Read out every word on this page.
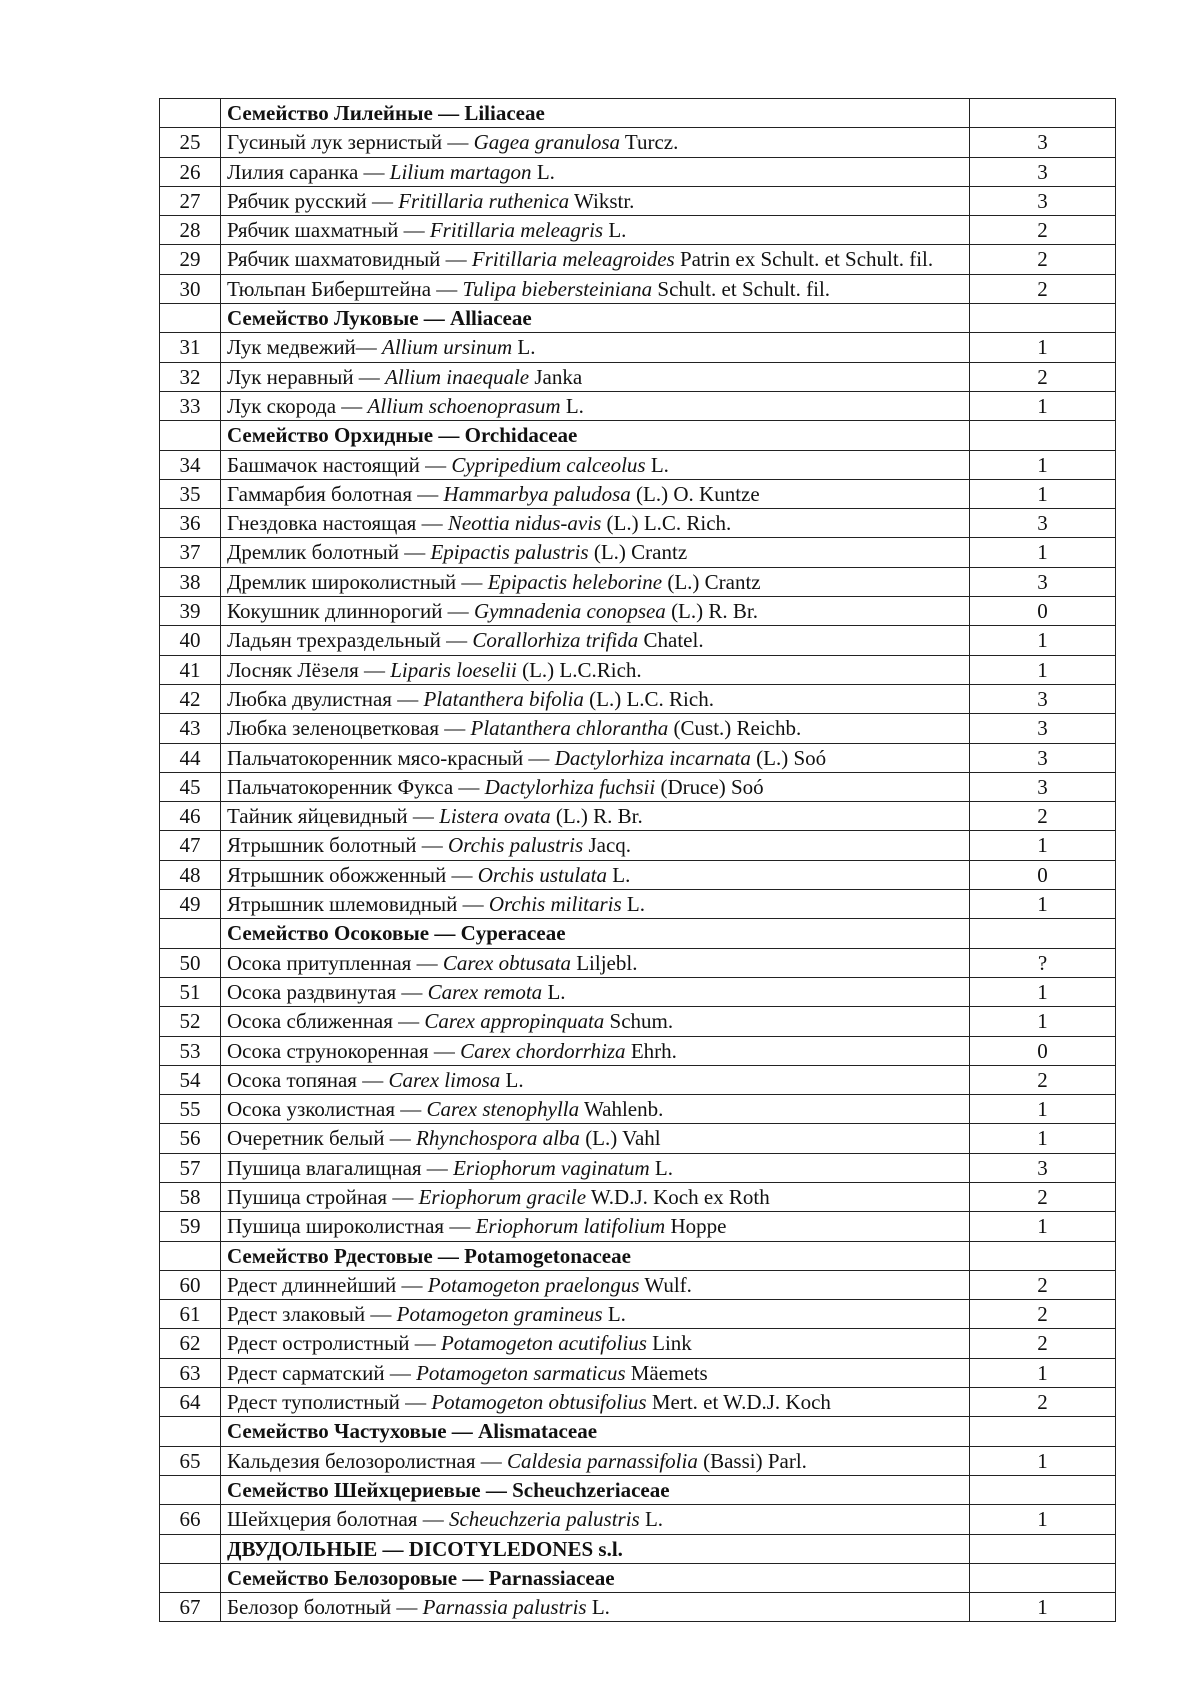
	Семейство Лилейные — Liliaceae	
25	Гусиный лук зернистый — Gagea granulosa Turcz.	3
26	Лилия саранка — Lilium martagon L.	3
27	Рябчик русский — Fritillaria ruthenica Wikstr.	3
28	Рябчик шахматный — Fritillaria meleagris L.	2
29	Рябчик шахматовидный — Fritillaria meleagroides Patrin ex Schult. et Schult. fil.	2
30	Тюльпан Биберштейна — Tulipa biebersteiniana Schult. et Schult. fil.	2
	Семейство Луковые — Alliaceae	
31	Лук медвежий— Allium ursinum L.	1
32	Лук неравный — Allium inaequale Janka	2
33	Лук скорода — Allium schoenoprasum L.	1
	Семейство Орхидные — Orchidaceae	
34	Башмачок настоящий — Cypripedium calceolus L.	1
35	Гаммарбия болотная — Hammarbya paludosa (L.) O. Kuntze	1
36	Гнездовка настоящая — Neottia nidus-avis (L.) L.C. Rich.	3
37	Дремлик болотный — Epipactis palustris (L.) Crantz	1
38	Дремлик широколистный — Epipactis heleborine (L.) Crantz	3
39	Кокушник длиннорогий — Gymnadenia conopsea (L.) R. Br.	0
40	Ладьян трехраздельный — Corallorhiza trifida Chatel.	1
41	Лосняк Лёзеля — Liparis loeselii (L.) L.C.Rich.	1
42	Любка двулистная — Platanthera bifolia (L.) L.C. Rich.	3
43	Любка зеленоцветковая — Platanthera chlorantha (Cust.) Reichb.	3
44	Пальчатокоренник мясо-красный — Dactylorhiza incarnata (L.) Soó	3
45	Пальчатокоренник Фукса — Dactylorhiza fuchsii (Druce) Soó	3
46	Тайник яйцевидный — Listera ovata (L.) R. Br.	2
47	Ятрышник болотный — Orchis palustris Jacq.	1
48	Ятрышник обожженный — Orchis ustulata L.	0
49	Ятрышник шлемовидный — Orchis militaris L.	1
	Семейство Осоковые — Cyperaceae	
50	Осока притупленная — Carex obtusata Liljebl.	?
51	Осока раздвинутая — Carex remota L.	1
52	Осока сближенная — Carex appropinquata Schum.	1
53	Осока струнокоренная — Carex chordorrhiza Ehrh.	0
54	Осока топяная — Carex limosa L.	2
55	Осока узколистная — Carex stenophylla Wahlenb.	1
56	Очеретник белый — Rhynchospora alba (L.) Vahl	1
57	Пушица влагалищная — Eriophorum vaginatum L.	3
58	Пушица стройная — Eriophorum gracile W.D.J. Koch ex Roth	2
59	Пушица широколистная — Eriophorum latifolium Hoppe	1
	Семейство Рдестовые — Potamogetonaceae	
60	Рдест длиннейший — Potamogeton praelongus Wulf.	2
61	Рдест злаковый — Potamogeton gramineus L.	2
62	Рдест остролистный — Potamogeton acutifolius Link	2
63	Рдест сарматский — Potamogeton sarmaticus Mäemets	1
64	Рдест туполистный — Potamogeton obtusifolius Mert. et W.D.J. Koch	2
	Семейство Частуховые — Alismataceae	
65	Кальдезия белозоролистная — Caldesia parnassifolia (Bassi) Parl.	1
	Семейство Шейхцериевые — Scheuchzeriaceae	
66	Шейхцерия болотная — Scheuchzeria palustris L.	1
	ДВУДОЛЬНЫЕ — DICOTYLEDONES s.l.	
	Семейство Белозоровые — Parnassiaceae	
67	Белозор болотный — Parnassia palustris L.	1
